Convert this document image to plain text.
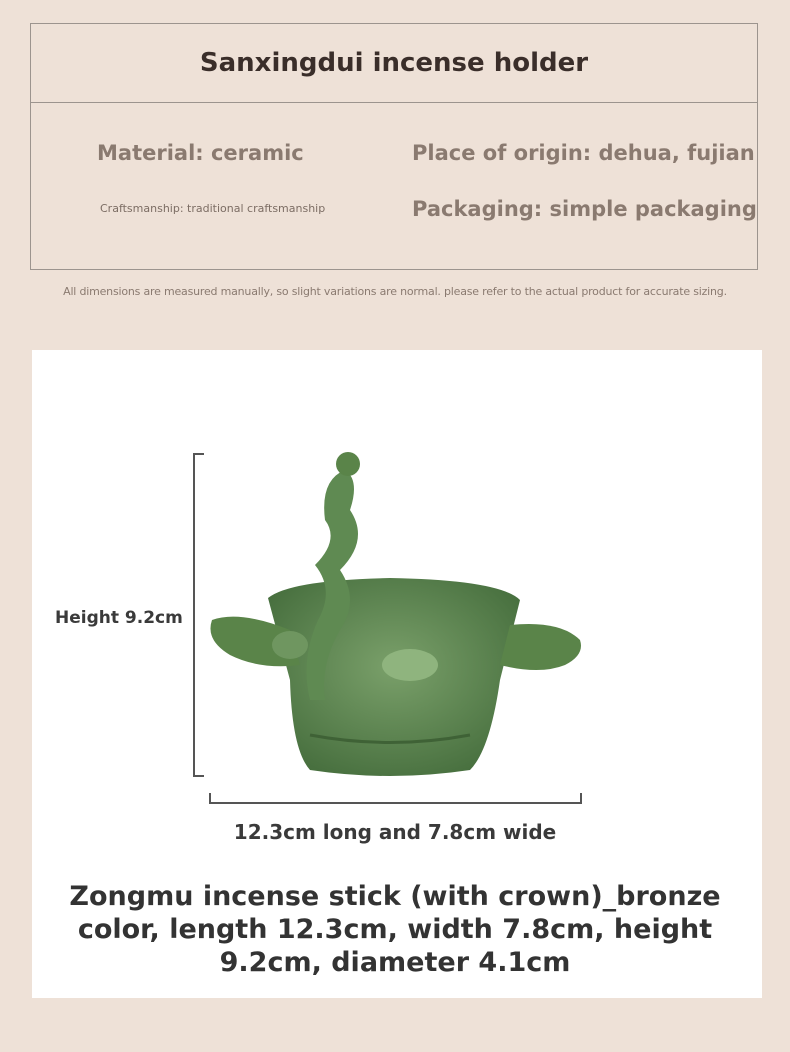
Sanxingdui incense holder
Material: ceramic	Place of origin: dehua, fujian
Craftsmanship: traditional craftsmanship	Packaging: simple packaging
All dimensions are measured manually, so slight variations are normal. please refer to the actual product for accurate sizing.
Height 9.2cm
12.3cm long and 7.8cm wide
Zongmu incense stick (with crown)_bronze color, length 12.3cm, width 7.8cm, height 9.2cm, diameter 4.1cm
